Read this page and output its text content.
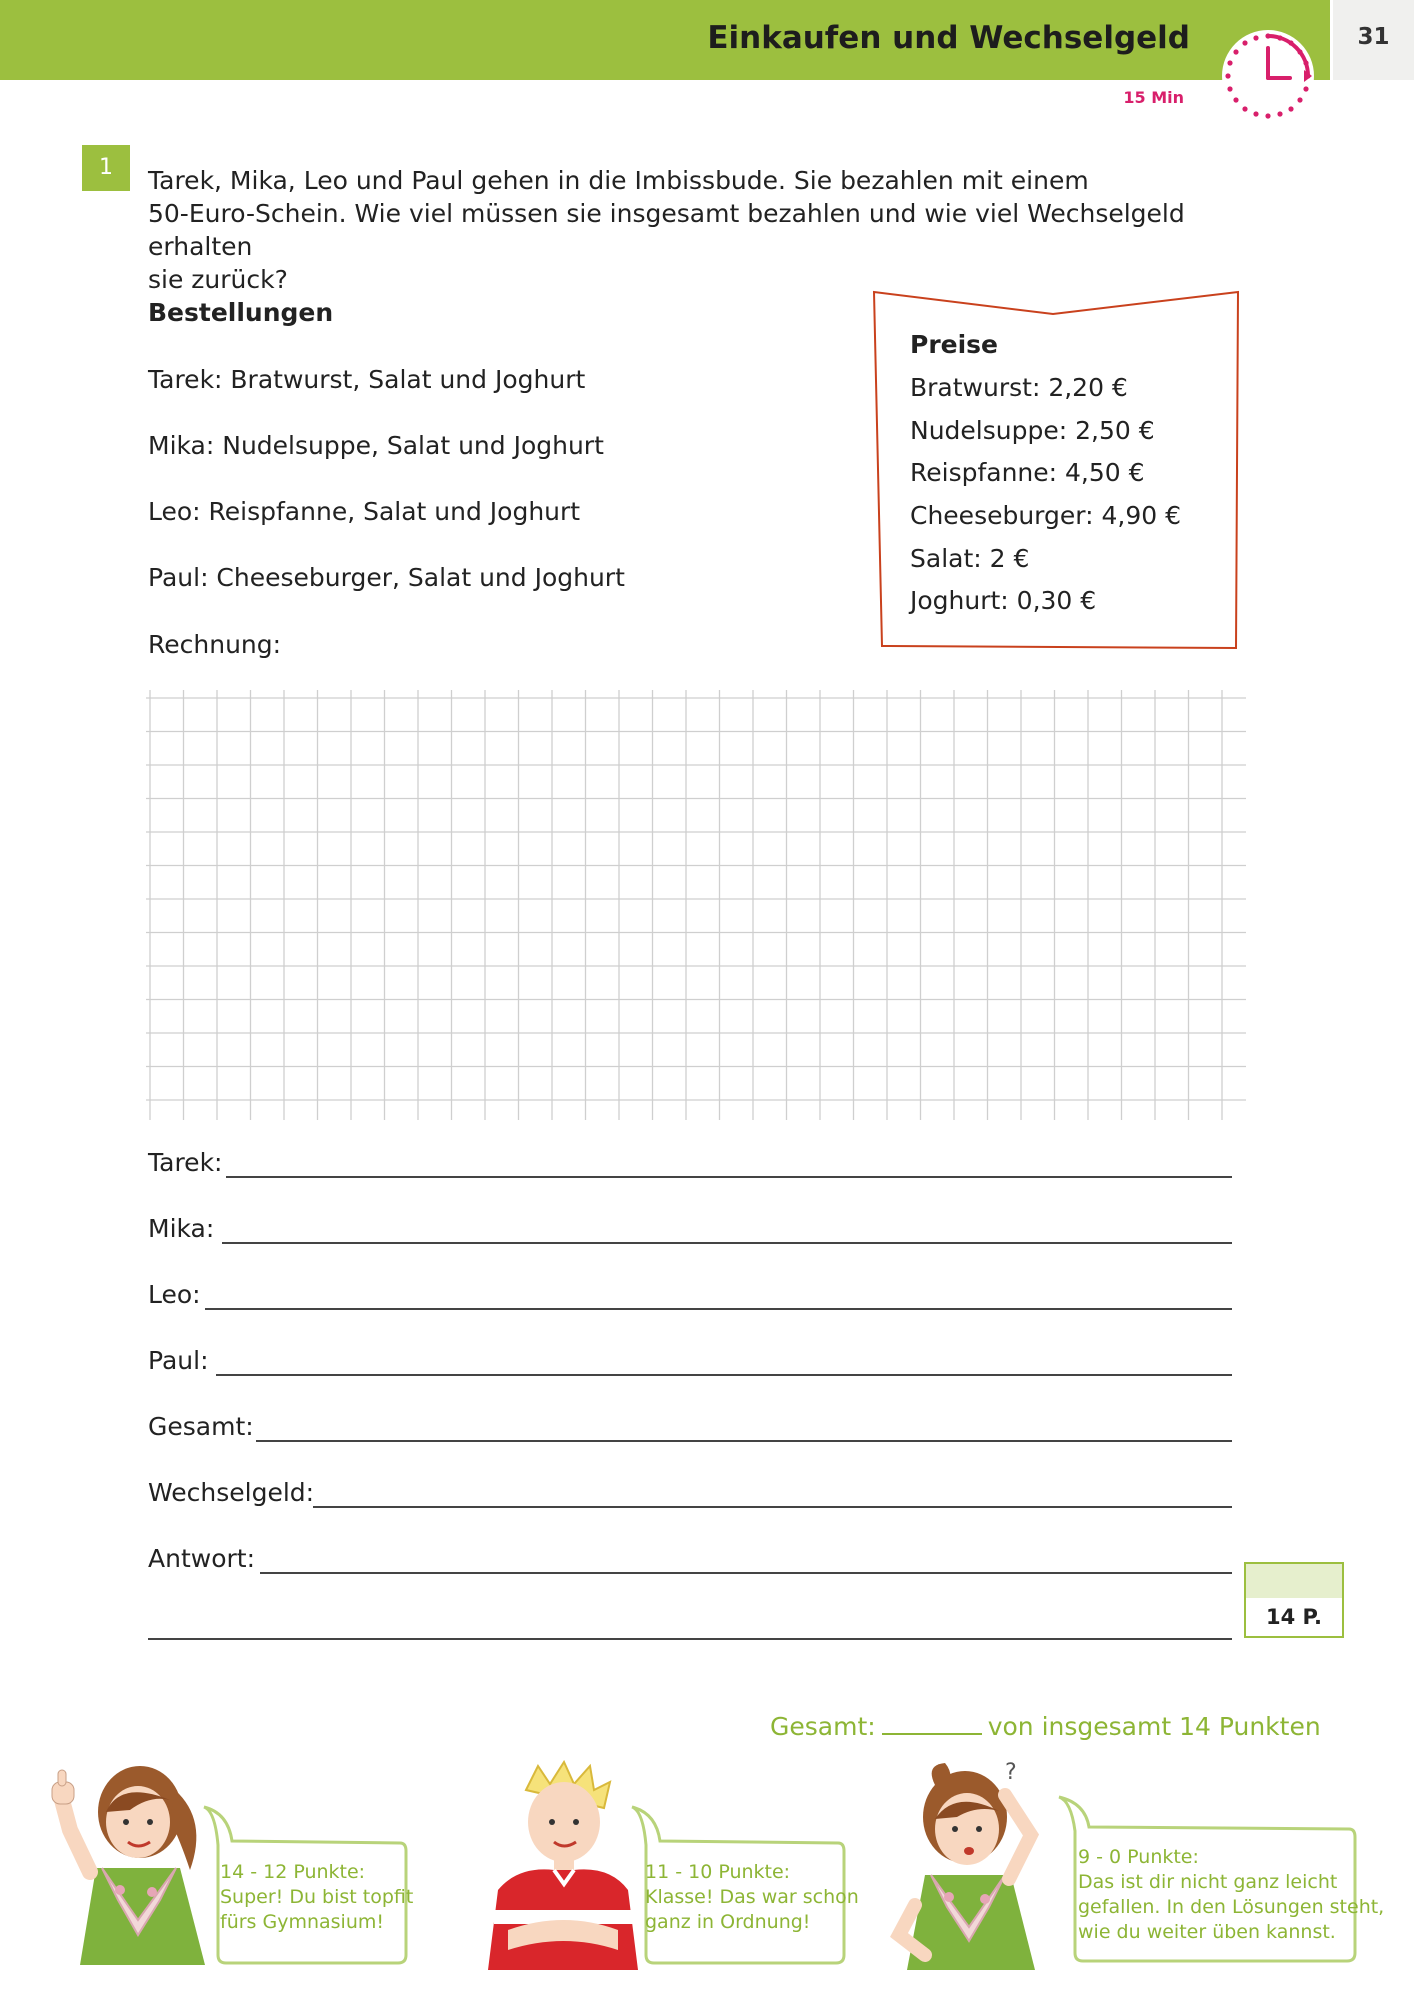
31
Einkaufen und Wechselgeld
15 Min
1	Tarek, Mika, Leo und Paul gehen in die Imbissbude. Sie bezahlen mit einem
50-Euro-Schein. Wie viel müssen sie insgesamt bezahlen und wie viel Wechselgeld erhalten
sie zurück?
Bestellungen
Tarek: Bratwurst, Salat und Joghurt
Mika: Nudelsuppe, Salat und Joghurt
Leo: Reispfanne, Salat und Joghurt
Paul: Cheeseburger, Salat und Joghurt
Rechnung:
Preise
Bratwurst: 2,20 €
Nudelsuppe: 2,50 €
Reispfanne: 4,50 €
Cheeseburger: 4,90 €
Salat: 2 €
Joghurt: 0,30 €
Tarek:
Mika:
Leo:
Paul:
Gesamt:
Wechselgeld:
Antwort:
14 P.
Gesamt:	von insgesamt 14 Punkten
14 - 12 Punkte:
Super! Du bist topfit
fürs Gymnasium!
11 - 10 Punkte:
Klasse! Das war schon
ganz in Ordnung!
?
9 - 0 Punkte:
Das ist dir nicht ganz leicht
gefallen. In den Lösungen steht,
wie du weiter üben kannst.
